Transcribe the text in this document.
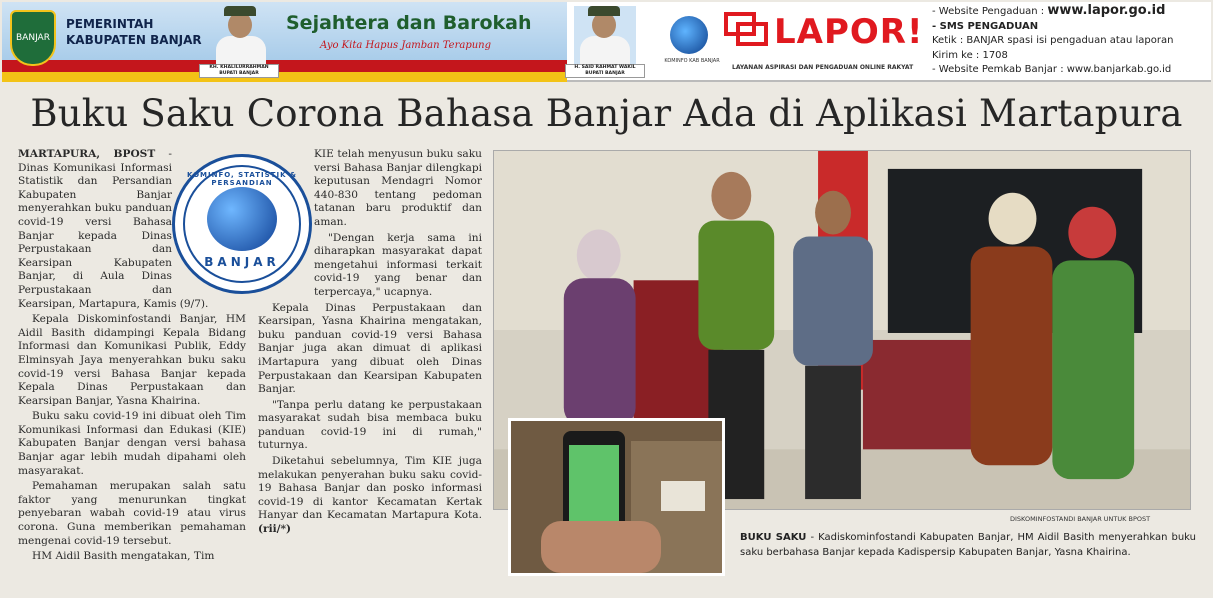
BANJAR
PEMERINTAH
KABUPATEN BANJAR
KH. KHALILURRAHMAN BUPATI BANJAR
Sejahtera dan Barokah
Ayo Kita Hapus Jamban Terapung
H. SAID RAHMAT WAKIL BUPATI BANJAR
KOMINFO KAB BANJAR
LAPOR!
LAYANAN ASPIRASI DAN PENGADUAN ONLINE RAKYAT
- Website Pengaduan : www.lapor.go.id
- SMS PENGADUAN
Ketik : BANJAR spasi isi pengaduan atau laporan
Kirim ke : 1708
- Website Pemkab Banjar : www.banjarkab.go.id
Buku Saku Corona Bahasa Banjar Ada di Aplikasi Martapura
KOMINFO, STATISTIK & PERSANDIAN
BANJAR

MARTAPURA, BPOST - Dinas Komunikasi Informasi Statistik dan Persandian Kabupaten Banjar menyerahkan buku panduan covid-19 versi Bahasa Banjar kepada Dinas Perpustakaan dan Kearsipan Kabupaten Banjar, di Aula Dinas Perpustakaan dan Kearsipan, Martapura, Kamis (9/7).

Kepala Diskominfostandi Banjar, HM Aidil Basith didampingi Kepala Bidang Informasi dan Komunikasi Publik, Eddy Elminsyah Jaya menyerahkan buku saku covid-19 versi Bahasa Banjar kepada Kepala Dinas Perpustakaan dan Kearsipan Banjar, Yasna Khairina.

Buku saku covid-19 ini dibuat oleh Tim Komunikasi Informasi dan Edukasi (KIE) Kabupaten Banjar dengan versi bahasa Banjar agar lebih mudah dipahami oleh masyarakat.

Pemahaman merupakan salah satu faktor yang menurunkan tingkat penyebaran wabah covid-19 atau virus corona. Guna memberikan pemahaman mengenai covid-19 tersebut.

HM Aidil Basith mengatakan, Tim

KIE telah menyusun buku saku versi Bahasa Banjar dilengkapi keputusan Mendagri Nomor 440-830 tentang pedoman tatanan baru produktif dan aman.

"Dengan kerja sama ini diharapkan masyarakat dapat mengetahui informasi terkait covid-19 yang benar dan terpercaya," ucapnya.

Kepala Dinas Perpustakaan dan Kearsipan, Yasna Khairina mengatakan, buku panduan covid-19 versi Bahasa Banjar juga akan dimuat di aplikasi iMartapura yang dibuat oleh Dinas Perpustakaan dan Kearsipan Kabupaten Banjar.

"Tanpa perlu datang ke perpustakaan masyarakat sudah bisa membaca buku panduan covid-19 ini di rumah," tuturnya.

Diketahui sebelumnya, Tim KIE juga melakukan penyerahan buku saku covid-19 Bahasa Banjar dan posko informasi covid-19 di kantor Kecamatan Kertak Hanyar dan Kecamatan Martapura Kota. (rii/*)

DISKOMINFOSTANDI BANJAR UNTUK BPOST
BUKU SAKU - Kadiskominfostandi Kabupaten Banjar, HM Aidil Basith menyerahkan buku saku berbahasa Banjar kepada Kadispersip Kabupaten Banjar, Yasna Khairina.
